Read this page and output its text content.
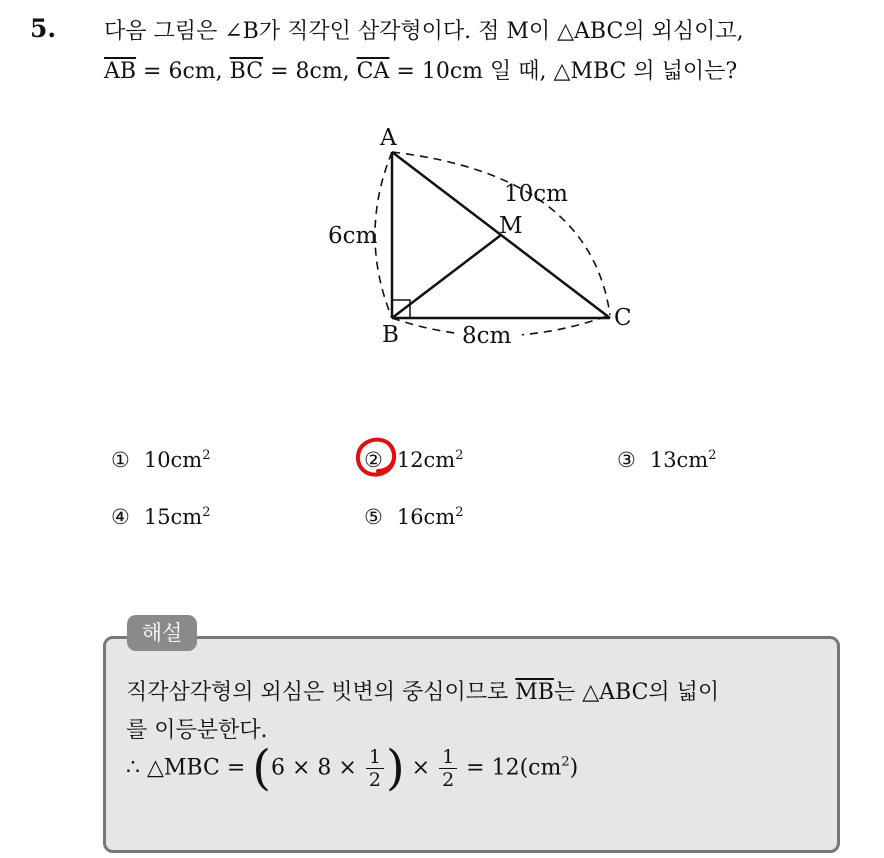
5. 다음 그림은 ∠B가 직각인 삼각형이다. 점 M이 △ABC의 외심이고,
$\overline{AB} = 6cm$, $\overline{BC} = 8cm$, $\overline{CA} = 10cm$ 일 때, △MBC 의 넓이는?
A
B
C
M
6cm
10cm
8cm
① $10cm^2$	② $12cm^2$	③ $13cm^2$
④ $15cm^2$	⑤ $16cm^2$
해설
직각삼각형의 외심은 빗변의 중심이므로 $\overline{MB}$는 △ABC의 넓이
를 이등분한다.
∴ △MBC = ($6 \times 8 \times \frac{1}{2}$ ) × $\frac{1}{2} = 12(cm^2)$
